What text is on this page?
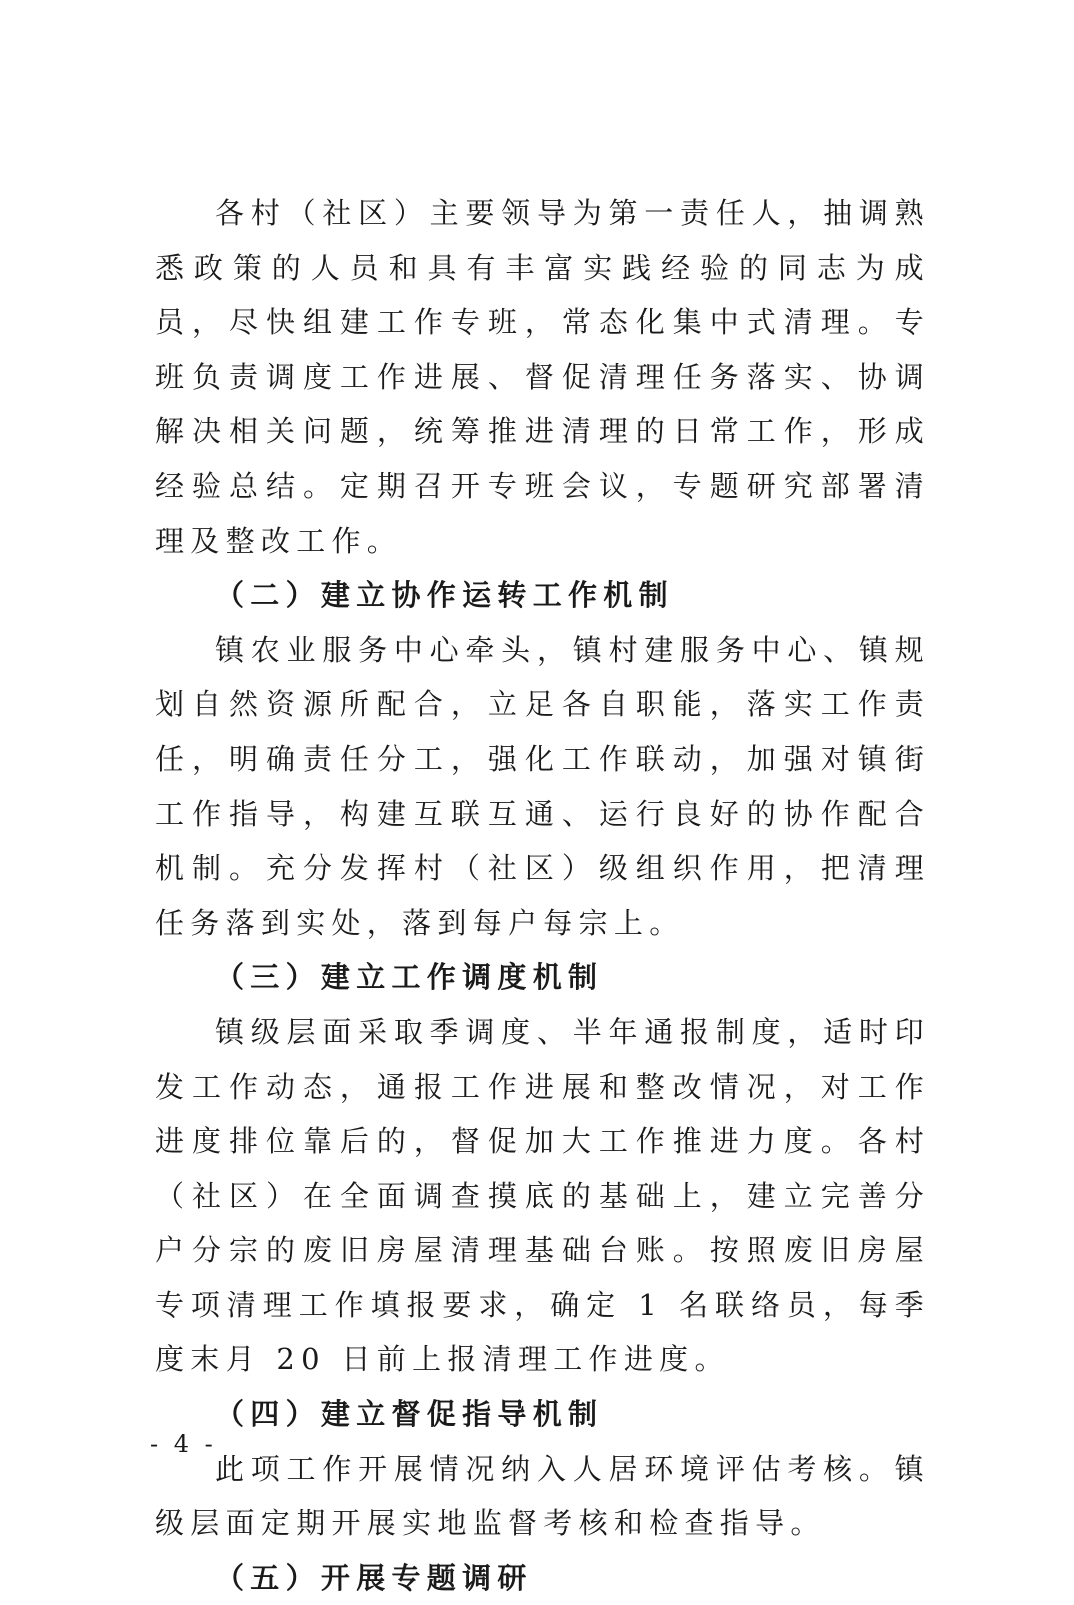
各村（社区）主要领导为第一责任人，抽调熟悉政策的人员和具有丰富实践经验的同志为成员，尽快组建工作专班，常态化集中式清理。专班负责调度工作进展、督促清理任务落实、协调解决相关问题，统筹推进清理的日常工作，形成经验总结。定期召开专班会议，专题研究部署清理及整改工作。

（二）建立协作运转工作机制

镇农业服务中心牵头，镇村建服务中心、镇规划自然资源所配合，立足各自职能，落实工作责任，明确责任分工，强化工作联动，加强对镇街工作指导，构建互联互通、运行良好的协作配合机制。充分发挥村（社区）级组织作用，把清理任务落到实处，落到每户每宗上。

（三）建立工作调度机制

镇级层面采取季调度、半年通报制度，适时印发工作动态，通报工作进展和整改情况，对工作进度排位靠后的，督促加大工作推进力度。各村（社区）在全面调查摸底的基础上，建立完善分户分宗的废旧房屋清理基础台账。按照废旧房屋专项清理工作填报要求，确定 1 名联络员，每季度末月 20 日前上报清理工作进度。

（四）建立督促指导机制

此项工作开展情况纳入人居环境评估考核。镇级层面定期开展实地监督考核和检查指导。

（五）开展专题调研

- 4 -
